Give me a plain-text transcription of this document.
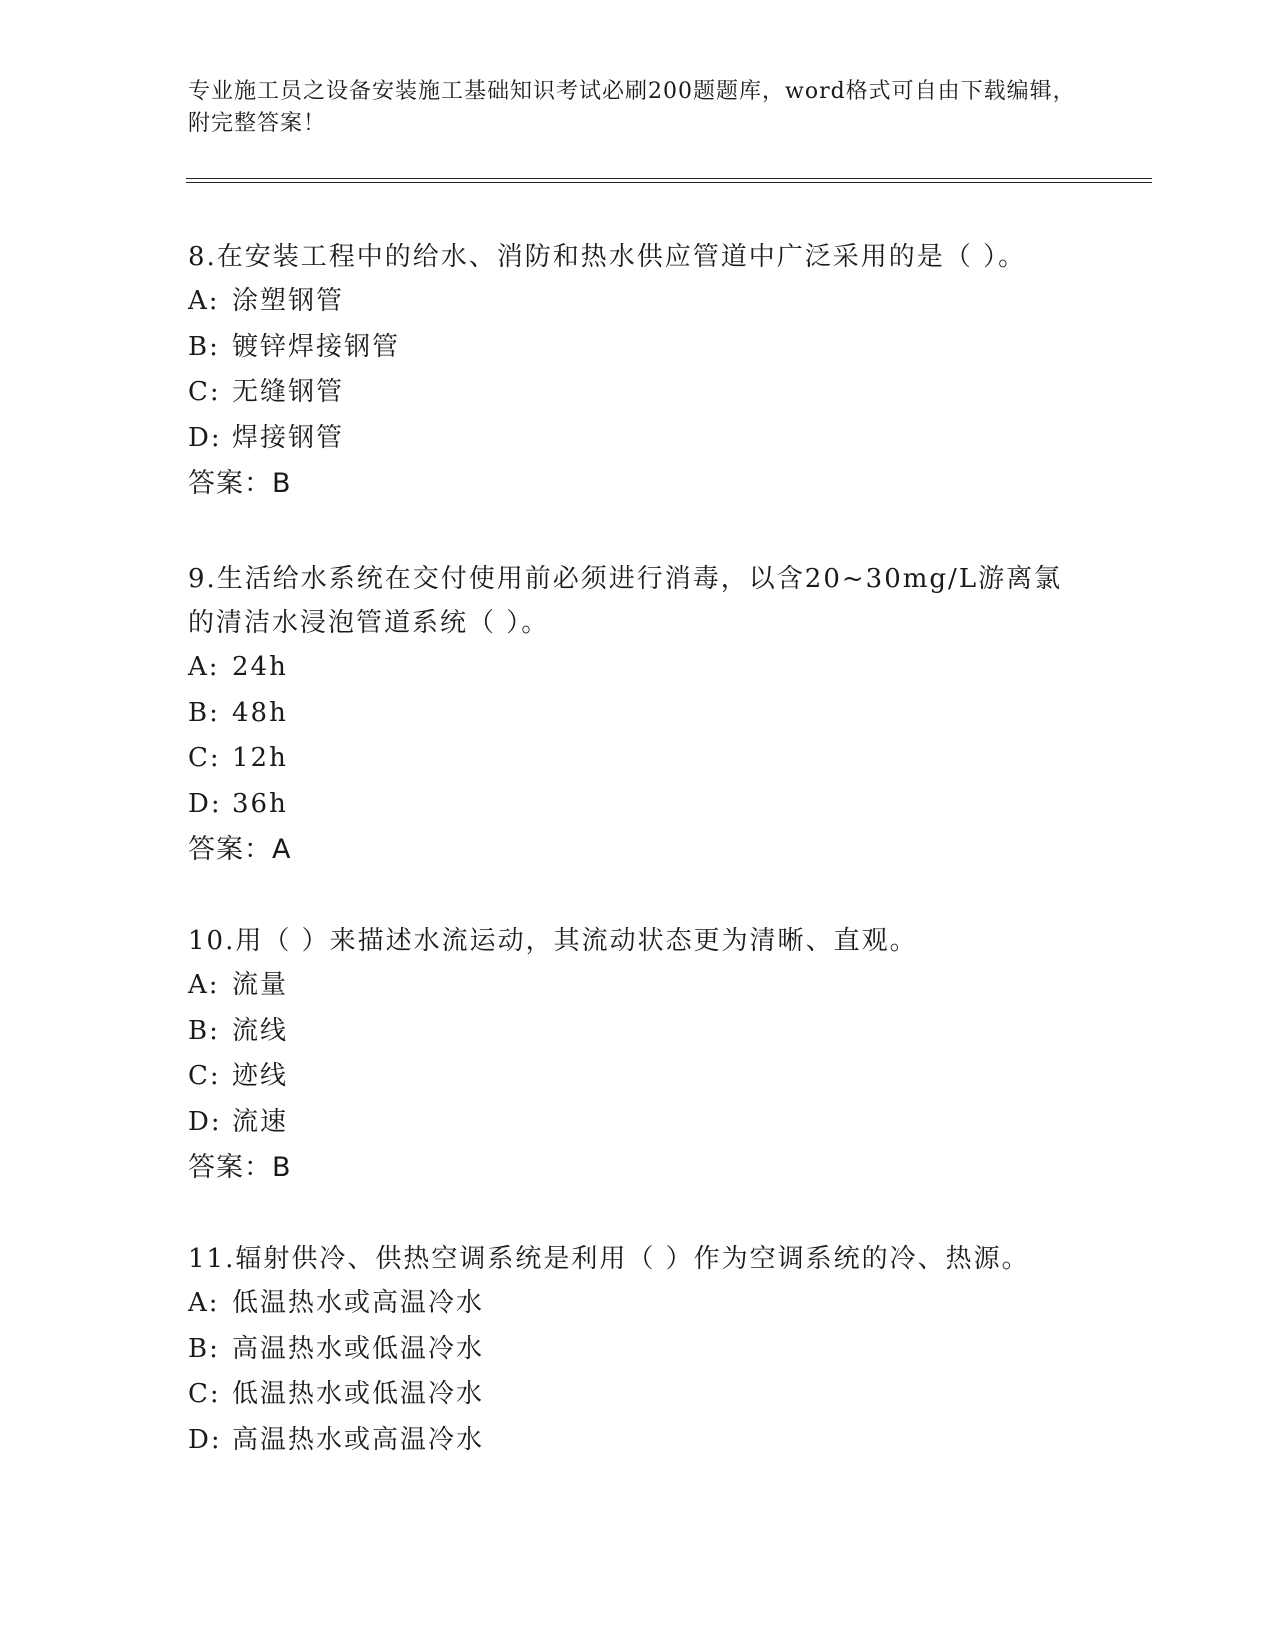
专业施工员之设备安装施工基础知识考试必刷200题题库，word格式可自由下载编辑，附完整答案！
8.在安装工程中的给水、消防和热水供应管道中广泛采用的是（ ）。
A: 涂塑钢管
B: 镀锌焊接钢管
C: 无缝钢管
D: 焊接钢管
答案：B
9.生活给水系统在交付使用前必须进行消毒，以含20~30mg/L游离氯的清洁水浸泡管道系统（ ）。
A: 24h
B: 48h
C: 12h
D: 36h
答案：A
10.用（ ）来描述水流运动，其流动状态更为清晰、直观。
A: 流量
B: 流线
C: 迹线
D: 流速
答案：B
11.辐射供冷、供热空调系统是利用（ ）作为空调系统的冷、热源。
A: 低温热水或高温冷水
B: 高温热水或低温冷水
C: 低温热水或低温冷水
D: 高温热水或高温冷水
